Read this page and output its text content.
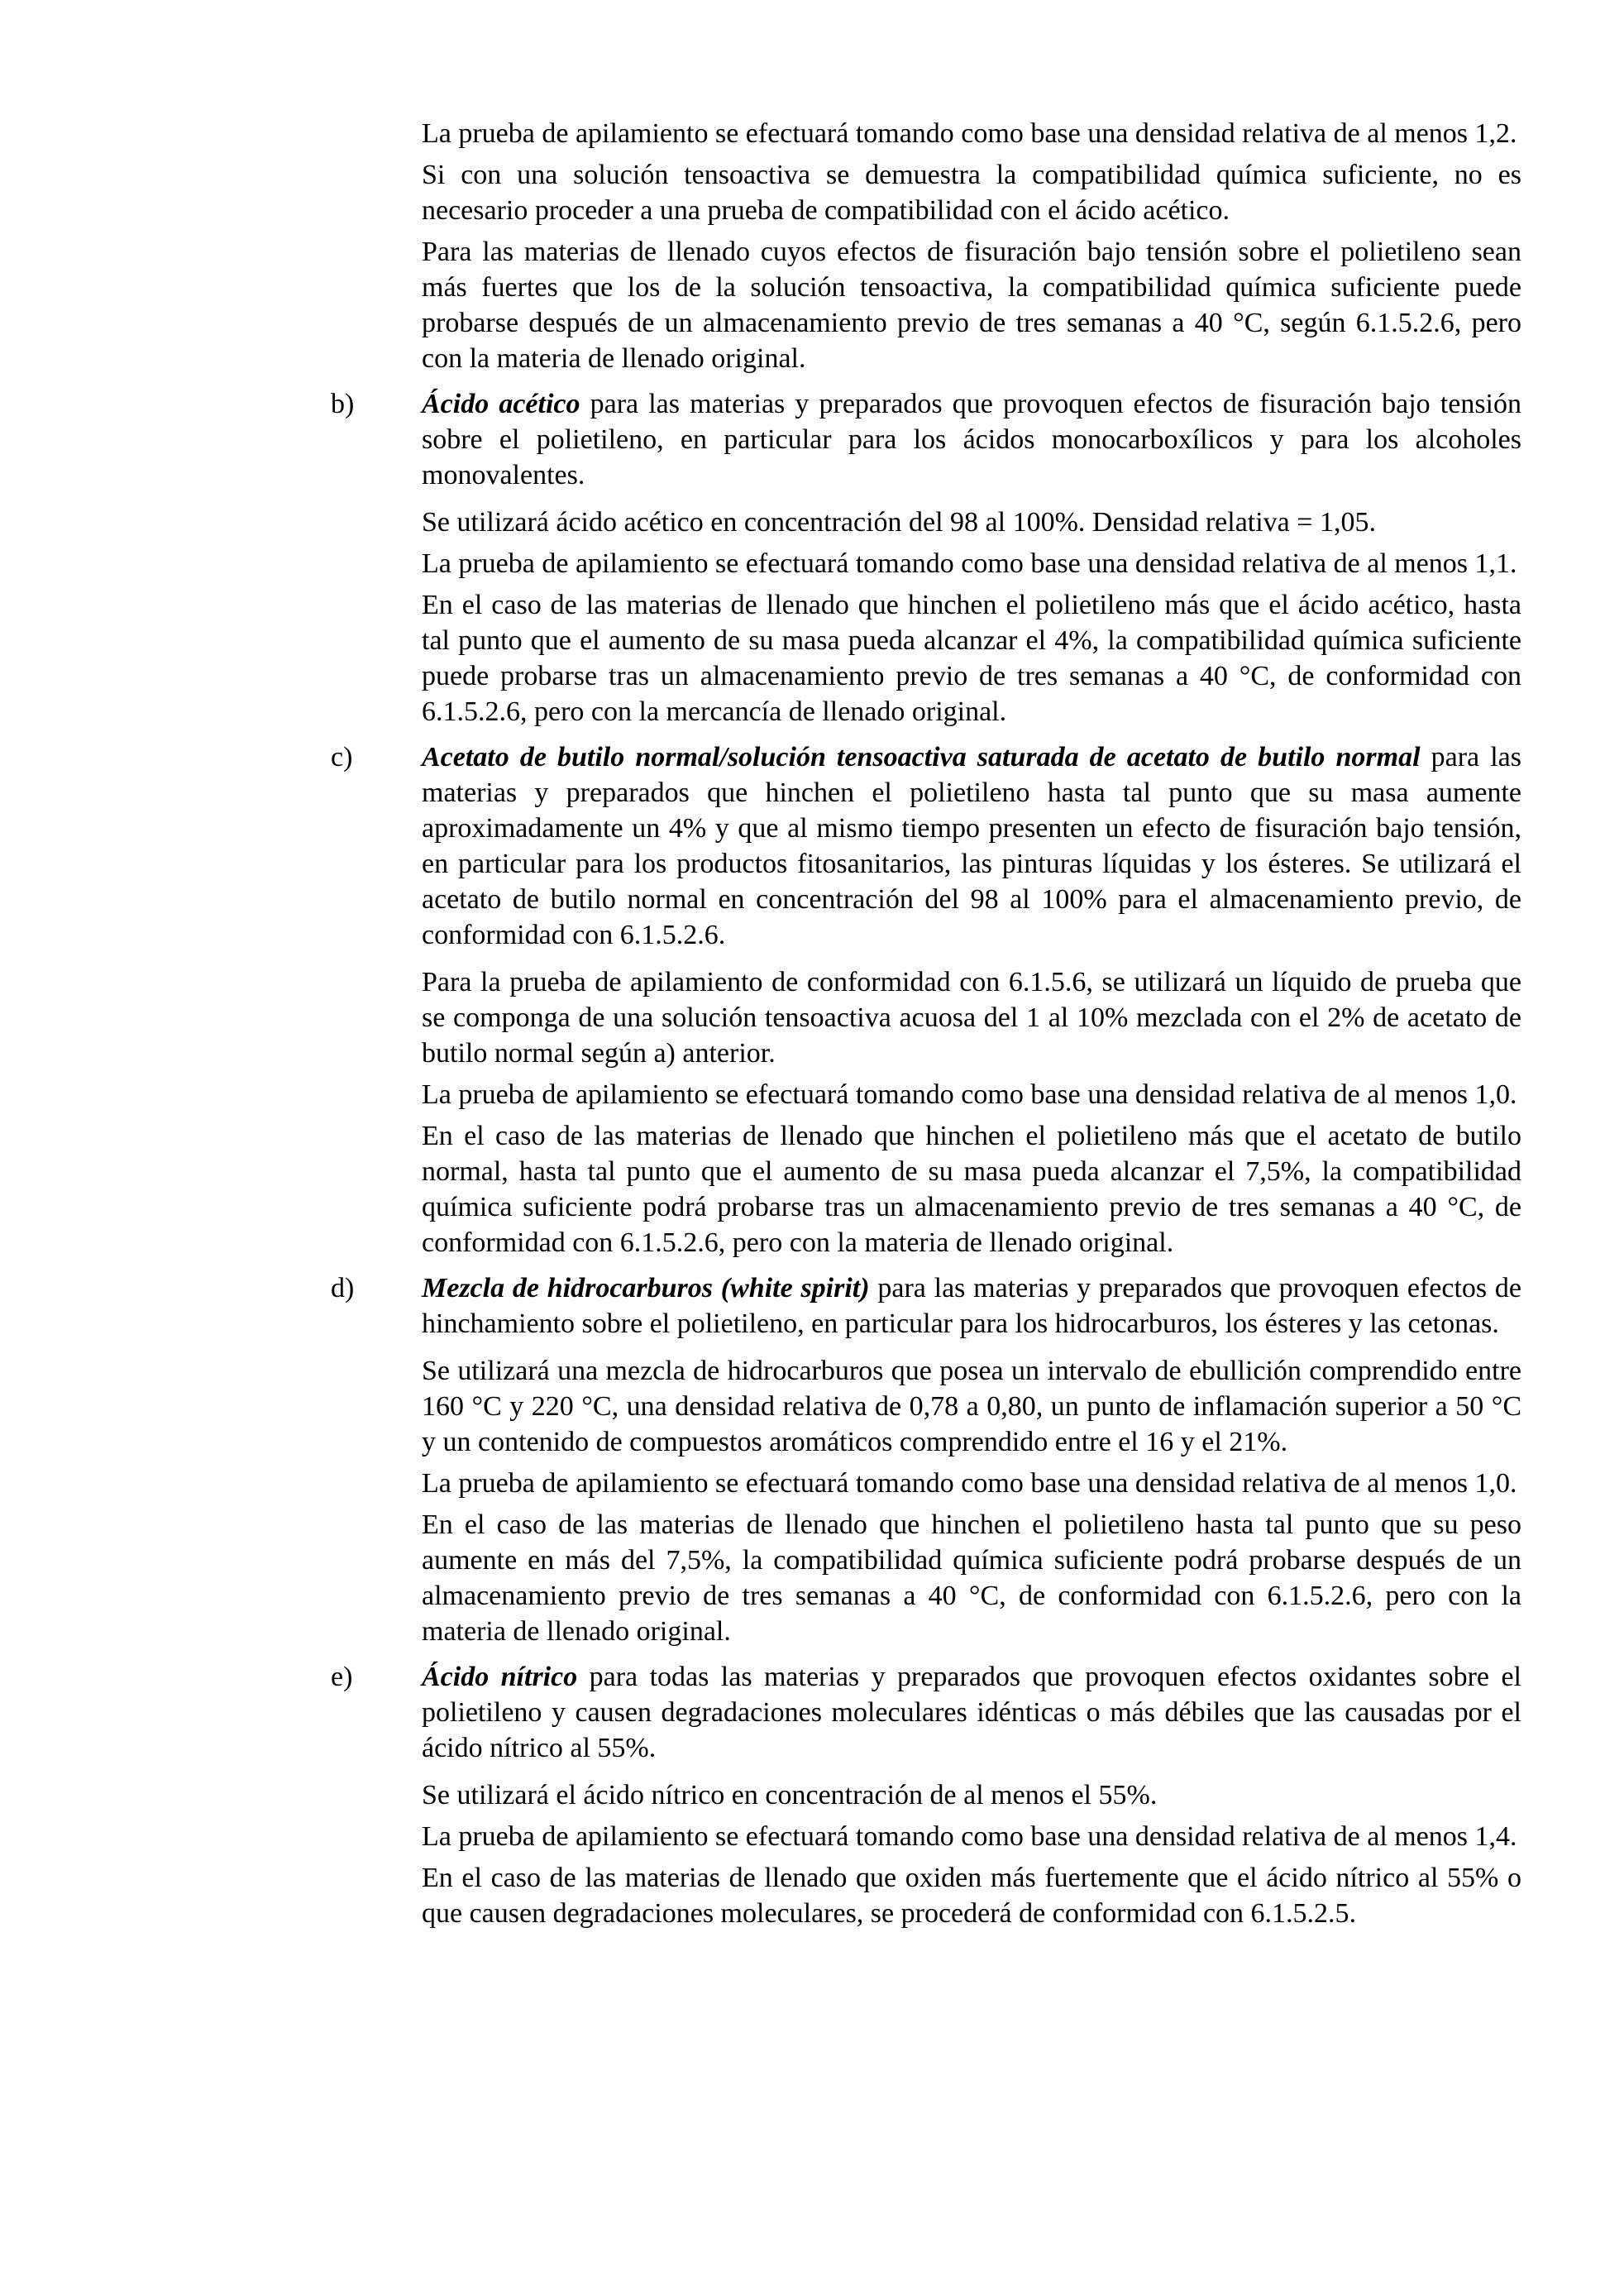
La prueba de apilamiento se efectuará tomando como base una densidad relativa de al menos 1,2.

Si con una solución tensoactiva se demuestra la compatibilidad química suficiente, no es necesario proceder a una prueba de compatibilidad con el ácido acético.

Para las materias de llenado cuyos efectos de fisuración bajo tensión sobre el polietileno sean más fuertes que los de la solución tensoactiva, la compatibilidad química suficiente puede probarse después de un almacenamiento previo de tres semanas a 40 °C, según 6.1.5.2.6, pero con la materia de llenado original.

b)	Ácido acético para las materias y preparados que provoquen efectos de fisuración bajo tensión sobre el polietileno, en particular para los ácidos monocarboxílicos y para los alcoholes monovalentes.

Se utilizará ácido acético en concentración del 98 al 100%. Densidad relativa = 1,05.

La prueba de apilamiento se efectuará tomando como base una densidad relativa de al menos 1,1.

En el caso de las materias de llenado que hinchen el polietileno más que el ácido acético, hasta tal punto que el aumento de su masa pueda alcanzar el 4%, la compatibilidad química suficiente puede probarse tras un almacenamiento previo de tres semanas a 40 °C, de conformidad con 6.1.5.2.6, pero con la mercancía de llenado original.

c)	Acetato de butilo normal/solución tensoactiva saturada de acetato de butilo normal para las materias y preparados que hinchen el polietileno hasta tal punto que su masa aumente aproximadamente un 4% y que al mismo tiempo presenten un efecto de fisuración bajo tensión, en particular para los productos fitosanitarios, las pinturas líquidas y los ésteres. Se utilizará el acetato de butilo normal en concentración del 98 al 100% para el almacenamiento previo, de conformidad con 6.1.5.2.6.

Para la prueba de apilamiento de conformidad con 6.1.5.6, se utilizará un líquido de prueba que se componga de una solución tensoactiva acuosa del 1 al 10% mezclada con el 2% de acetato de butilo normal según a) anterior.

La prueba de apilamiento se efectuará tomando como base una densidad relativa de al menos 1,0.

En el caso de las materias de llenado que hinchen el polietileno más que el acetato de butilo normal, hasta tal punto que el aumento de su masa pueda alcanzar el 7,5%, la compatibilidad química suficiente podrá probarse tras un almacenamiento previo de tres semanas a 40 °C, de conformidad con 6.1.5.2.6, pero con la materia de llenado original.

d)	Mezcla de hidrocarburos (white spirit) para las materias y preparados que provoquen efectos de hinchamiento sobre el polietileno, en particular para los hidrocarburos, los ésteres y las cetonas.

Se utilizará una mezcla de hidrocarburos que posea un intervalo de ebullición comprendido entre 160 °C y 220 °C, una densidad relativa de 0,78 a 0,80, un punto de inflamación superior a 50 °C y un contenido de compuestos aromáticos comprendido entre el 16 y el 21%.

La prueba de apilamiento se efectuará tomando como base una densidad relativa de al menos 1,0.

En el caso de las materias de llenado que hinchen el polietileno hasta tal punto que su peso aumente en más del 7,5%, la compatibilidad química suficiente podrá probarse después de un almacenamiento previo de tres semanas a 40 °C, de conformidad con 6.1.5.2.6, pero con la materia de llenado original.

e)	Ácido nítrico para todas las materias y preparados que provoquen efectos oxidantes sobre el polietileno y causen degradaciones moleculares idénticas o más débiles que las causadas por el ácido nítrico al 55%.

Se utilizará el ácido nítrico en concentración de al menos el 55%.

La prueba de apilamiento se efectuará tomando como base una densidad relativa de al menos 1,4.

En el caso de las materias de llenado que oxiden más fuertemente que el ácido nítrico al 55% o que causen degradaciones moleculares, se procederá de conformidad con 6.1.5.2.5.
